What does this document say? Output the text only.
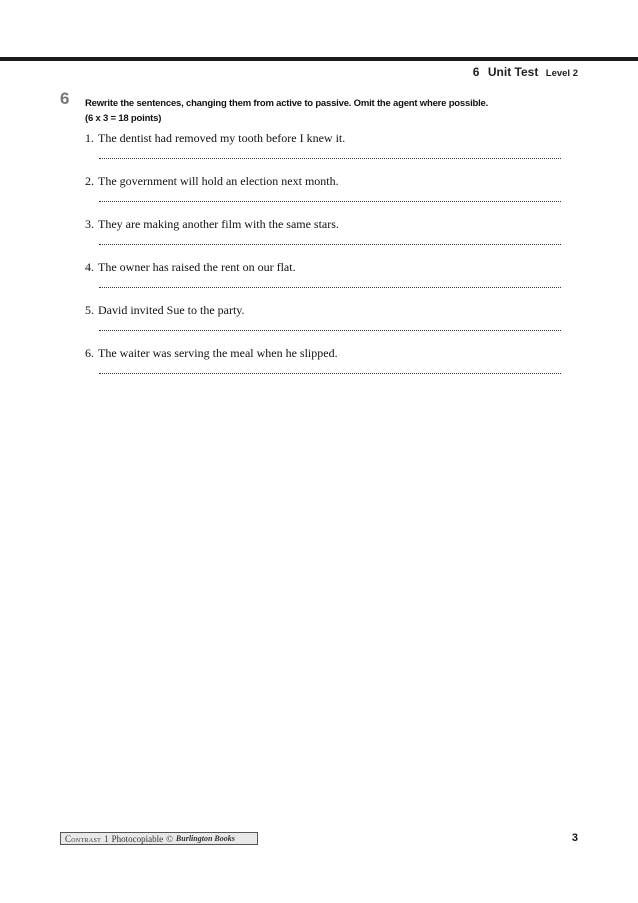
6 Unit Test Level 2
6 Rewrite the sentences, changing them from active to passive. Omit the agent where possible.
(6 x 3 = 18 points)
1. The dentist had removed my tooth before I knew it.
2. The government will hold an election next month.
3. They are making another film with the same stars.
4. The owner has raised the rent on our flat.
5. David invited Sue to the party.
6. The waiter was serving the meal when he slipped.
Contrast 1 Photocopiable © Burlington Books	3
